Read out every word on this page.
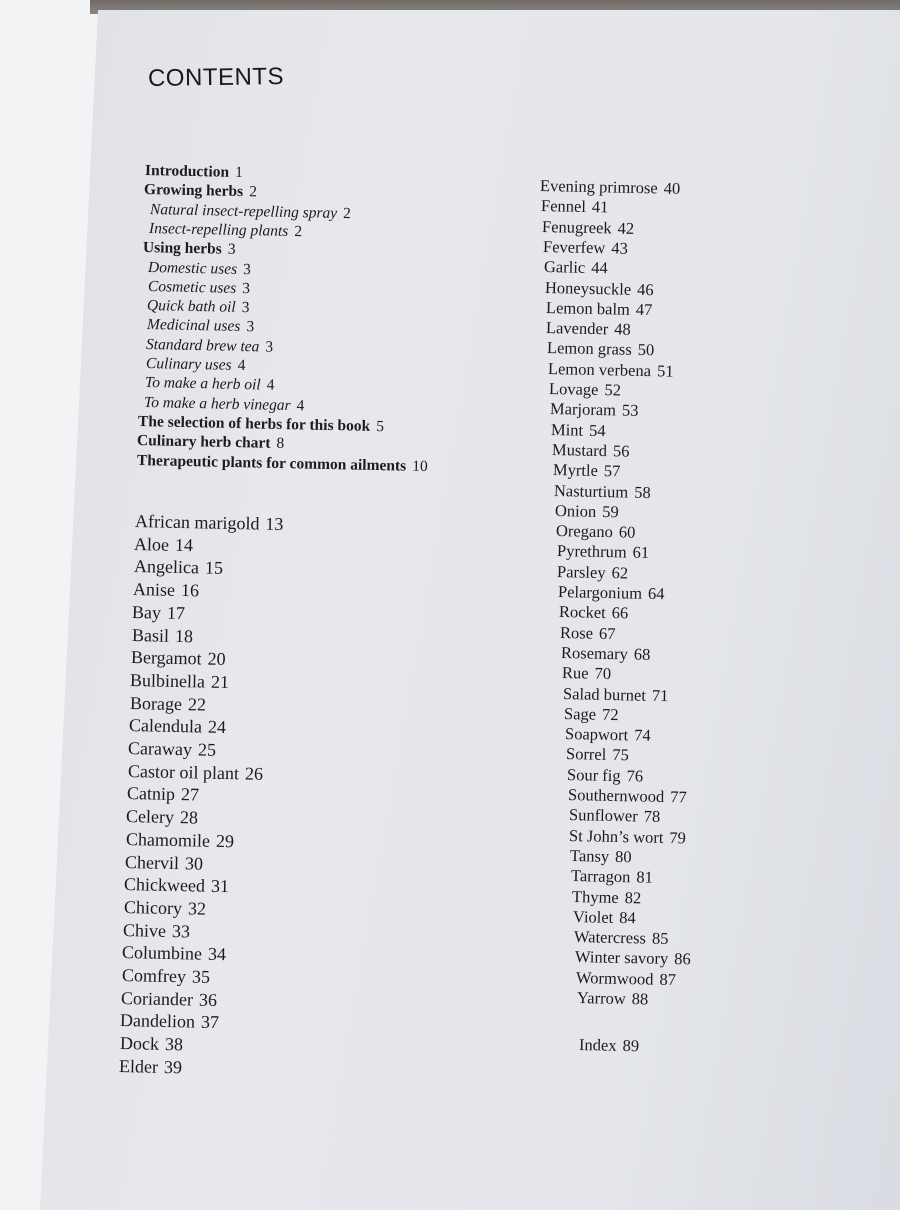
CONTENTS
Introduction 1
Growing herbs 2
Natural insect-repelling spray 2
Insect-repelling plants 2
Using herbs 3
Domestic uses 3
Cosmetic uses 3
Quick bath oil 3
Medicinal uses 3
Standard brew tea 3
Culinary uses 4
To make a herb oil 4
To make a herb vinegar 4
The selection of herbs for this book 5
Culinary herb chart 8
Therapeutic plants for common ailments 10
African marigold 13
Aloe 14
Angelica 15
Anise 16
Bay 17
Basil 18
Bergamot 20
Bulbinella 21
Borage 22
Calendula 24
Caraway 25
Castor oil plant 26
Catnip 27
Celery 28
Chamomile 29
Chervil 30
Chickweed 31
Chicory 32
Chive 33
Columbine 34
Comfrey 35
Coriander 36
Dandelion 37
Dock 38
Elder 39
Evening primrose 40
Fennel 41
Fenugreek 42
Feverfew 43
Garlic 44
Honeysuckle 46
Lemon balm 47
Lavender 48
Lemon grass 50
Lemon verbena 51
Lovage 52
Marjoram 53
Mint 54
Mustard 56
Myrtle 57
Nasturtium 58
Onion 59
Oregano 60
Pyrethrum 61
Parsley 62
Pelargonium 64
Rocket 66
Rose 67
Rosemary 68
Rue 70
Salad burnet 71
Sage 72
Soapwort 74
Sorrel 75
Sour fig 76
Southernwood 77
Sunflower 78
St John’s wort 79
Tansy 80
Tarragon 81
Thyme 82
Violet 84
Watercress 85
Winter savory 86
Wormwood 87
Yarrow 88
Index 89
